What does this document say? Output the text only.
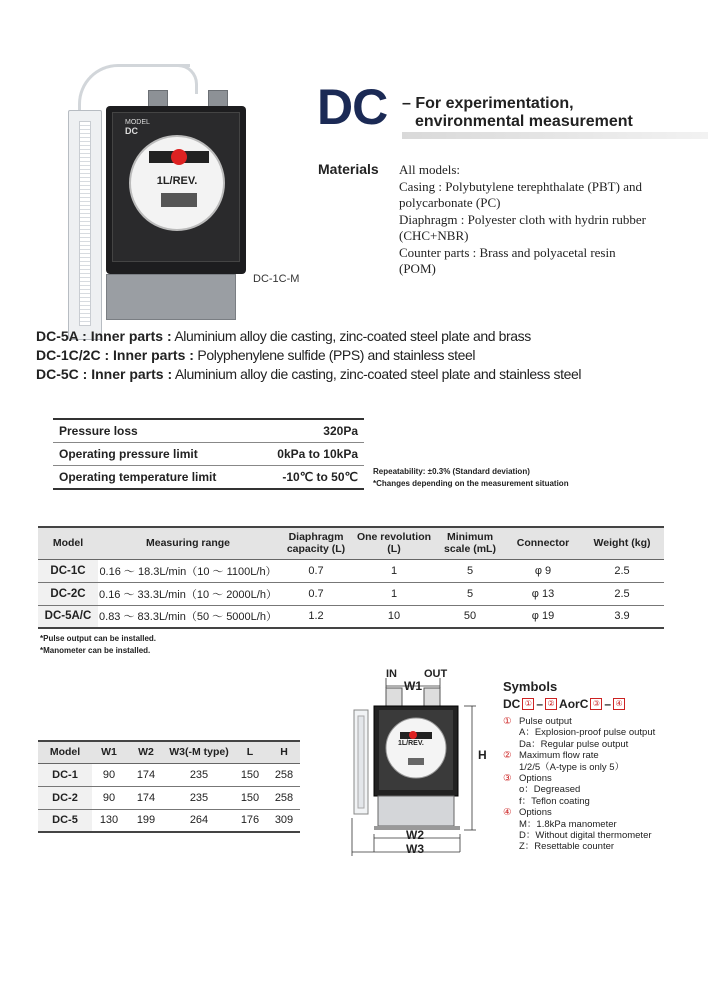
MODEL
DC
1L/REV.
DC-1C-M
DC – For experimentation,
environmental measurement
Materials All models:
Casing : Polybutylene terephthalate (PBT) and
polycarbonate (PC)
Diaphragm : Polyester cloth with hydrin rubber
(CHC+NBR)
Counter parts : Brass and polyacetal resin
(POM)
DC-5A : Inner parts : Aluminium alloy die casting, zinc-coated steel plate and brass
DC-1C/2C : Inner parts : Polyphenylene sulfide (PPS) and stainless steel
DC-5C : Inner parts : Aluminium alloy die casting, zinc-coated steel plate and stainless steel
Pressure loss	320Pa
Operating pressure limit	0kPa to 10kPa
Operating temperature limit	-10℃ to 50℃ Repeatability: ±0.3% (Standard deviation)
*Changes depending on the measurement situation
Model	Measuring range	Diaphragm capacity (L)	One revolution (L)	Minimum scale (mL)	Connector	Weight (kg)
DC-1C	0.16 ～ 18.3L/min（10 ～ 1100L/h）	0.7	1	5	φ 9	2.5
DC-2C	0.16 ～ 33.3L/min（10 ～ 2000L/h）	0.7	1	5	φ 13	2.5
DC-5A/C	0.83 ～ 83.3L/min（50 ～ 5000L/h）	1.2	10	50	φ 19	3.9
*Pulse output can be installed.
*Manometer can be installed.
Model	W1	W2	W3(-M type)	L	H
DC-1	90	174	235	150	258
DC-2	90	174	235	150	258
DC-5	130	199	264	176	309
IN OUT
W1
H
W2
W3
1L/REV.
Symbols
DC ① – ② AorC ③ – ④
① Pulse output
A：Explosion-proof pulse output
Da：Regular pulse output
② Maximum flow rate
1/2/5（A-type is only 5）
③ Options
o：Degreased
f：Teflon coating
④ Options
M：1.8kPa manometer
D：Without digital thermometer
Z：Resettable counter
